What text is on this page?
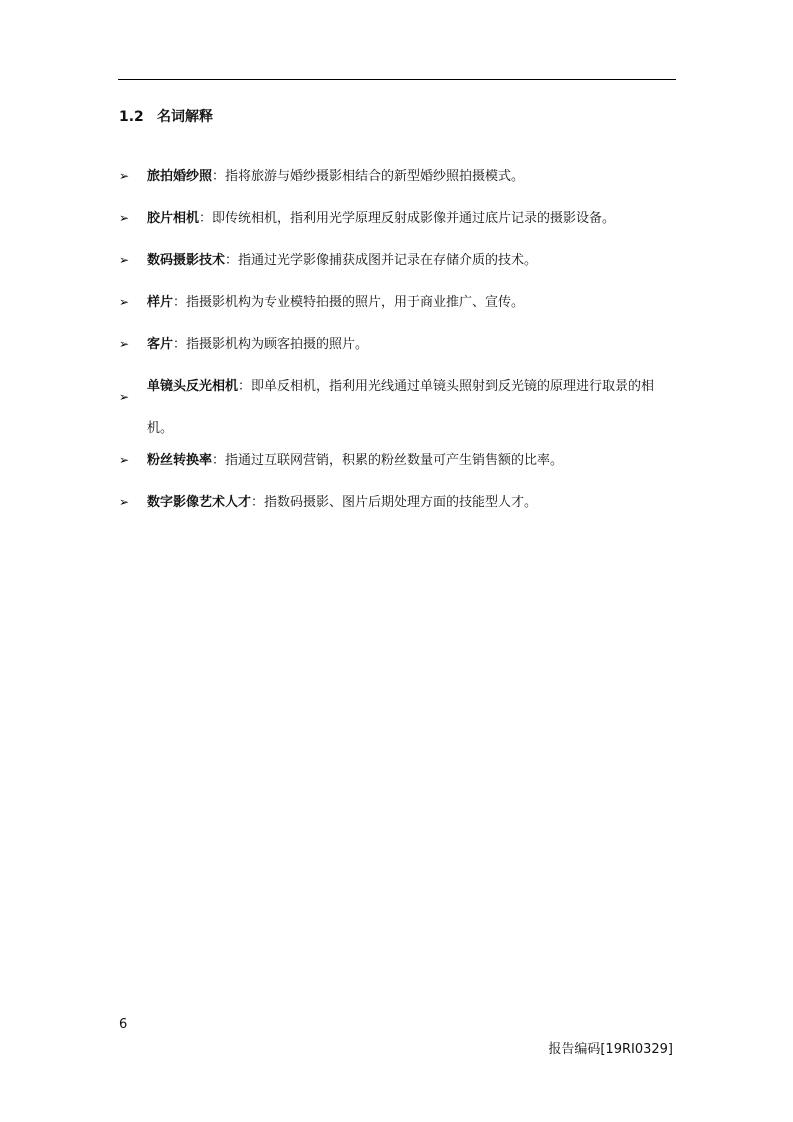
1.2 名词解释
➢ 旅拍婚纱照：指将旅游与婚纱摄影相结合的新型婚纱照拍摄模式。
➢ 胶片相机：即传统相机，指利用光学原理反射成影像并通过底片记录的摄影设备。
➢ 数码摄影技术：指通过光学影像捕获成图并记录在存储介质的技术。
➢ 样片：指摄影机构为专业模特拍摄的照片，用于商业推广、宣传。
➢ 客片：指摄影机构为顾客拍摄的照片。
➢
单镜头反光相机：即单反相机，指利用光线通过单镜头照射到反光镜的原理进行取景的相机。
➢ 粉丝转换率：指通过互联网营销，积累的粉丝数量可产生销售额的比率。
➢ 数字影像艺术人才：指数码摄影、图片后期处理方面的技能型人才。
6
报告编码[19RI0329]
